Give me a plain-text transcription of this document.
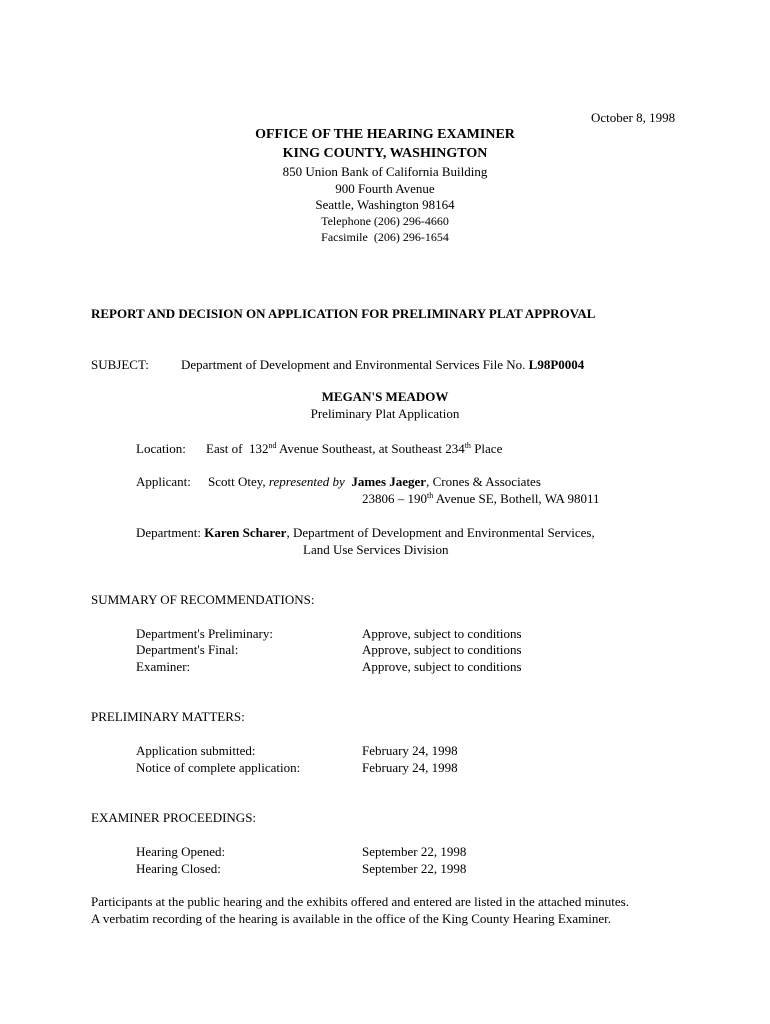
October 8, 1998
OFFICE OF THE HEARING EXAMINER
KING COUNTY, WASHINGTON
850 Union Bank of California Building
900 Fourth Avenue
Seattle, Washington 98164
Telephone (206) 296-4660
Facsimile  (206) 296-1654
REPORT AND DECISION ON APPLICATION FOR PRELIMINARY PLAT APPROVAL
SUBJECT: Department of Development and Environmental Services File No. L98P0004
MEGAN'S MEADOW
Preliminary Plat Application
Location: East of  132nd Avenue Southeast, at Southeast 234th Place
Applicant: Scott Otey, represented by James Jaeger, Crones & Associates
23806 – 190th Avenue SE, Bothell, WA 98011
Department: Karen Scharer, Department of Development and Environmental Services,
Land Use Services Division
SUMMARY OF RECOMMENDATIONS:
Department's Preliminary:	Approve, subject to conditions
Department's Final:	Approve, subject to conditions
Examiner:	Approve, subject to conditions
PRELIMINARY MATTERS:
Application submitted:	February 24, 1998
Notice of complete application:	February 24, 1998
EXAMINER PROCEEDINGS:
Hearing Opened:	September 22, 1998
Hearing Closed:	September 22, 1998
Participants at the public hearing and the exhibits offered and entered are listed in the attached minutes.
A verbatim recording of the hearing is available in the office of the King County Hearing Examiner.
